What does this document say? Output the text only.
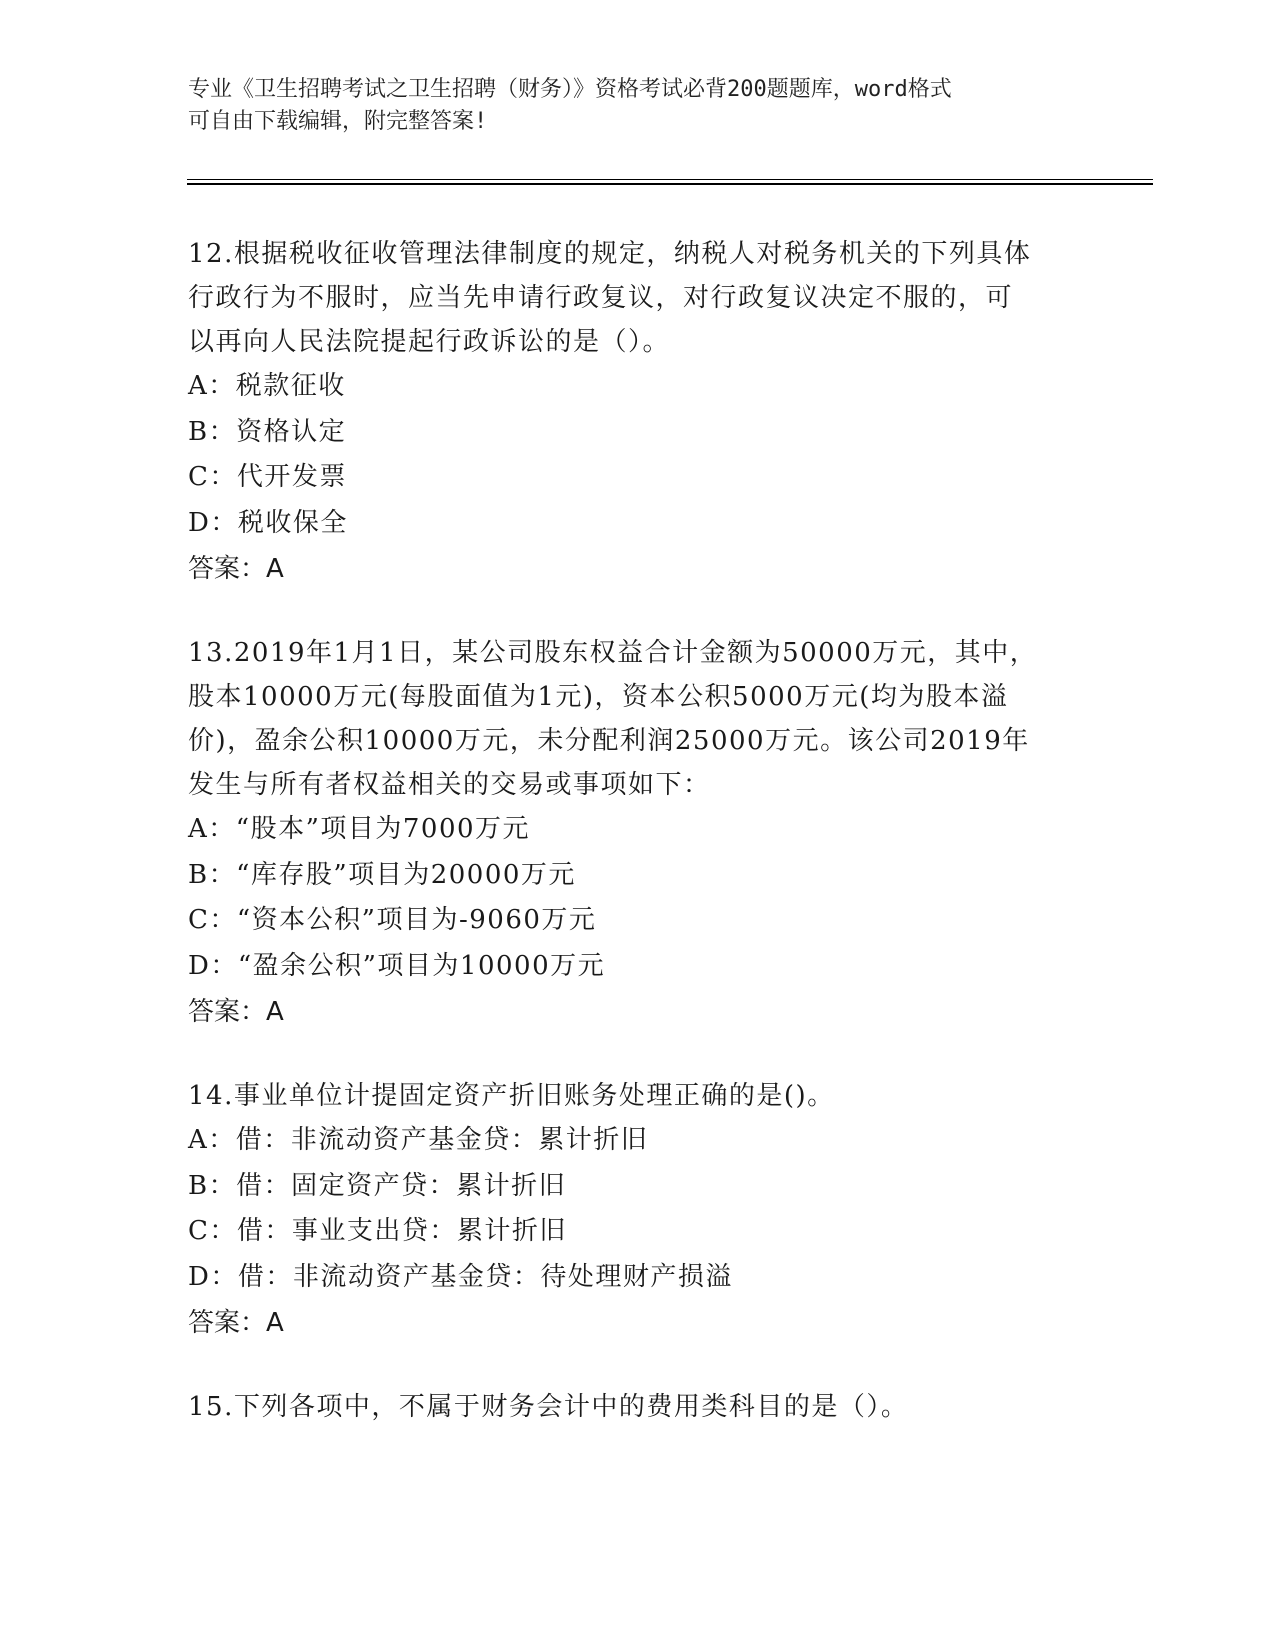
专业《卫生招聘考试之卫生招聘（财务）》资格考试必背200题题库，word格式
可自由下载编辑，附完整答案!
12.根据税收征收管理法律制度的规定，纳税人对税务机关的下列具体
行政行为不服时，应当先申请行政复议，对行政复议决定不服的，可
以再向人民法院提起行政诉讼的是（）。
A：税款征收
B：资格认定
C：代开发票
D：税收保全
答案：A
13.2019年1月1日，某公司股东权益合计金额为50000万元，其中，
股本10000万元(每股面值为1元)，资本公积5000万元(均为股本溢
价)，盈余公积10000万元，未分配利润25000万元。该公司2019年
发生与所有者权益相关的交易或事项如下：
A：“股本”项目为7000万元
B：“库存股”项目为20000万元
C：“资本公积”项目为-9060万元
D：“盈余公积”项目为10000万元
答案：A
14.事业单位计提固定资产折旧账务处理正确的是()。
A：借：非流动资产基金贷：累计折旧
B：借：固定资产贷：累计折旧
C：借：事业支出贷：累计折旧
D：借：非流动资产基金贷：待处理财产损溢
答案：A
15.下列各项中，不属于财务会计中的费用类科目的是（）。
